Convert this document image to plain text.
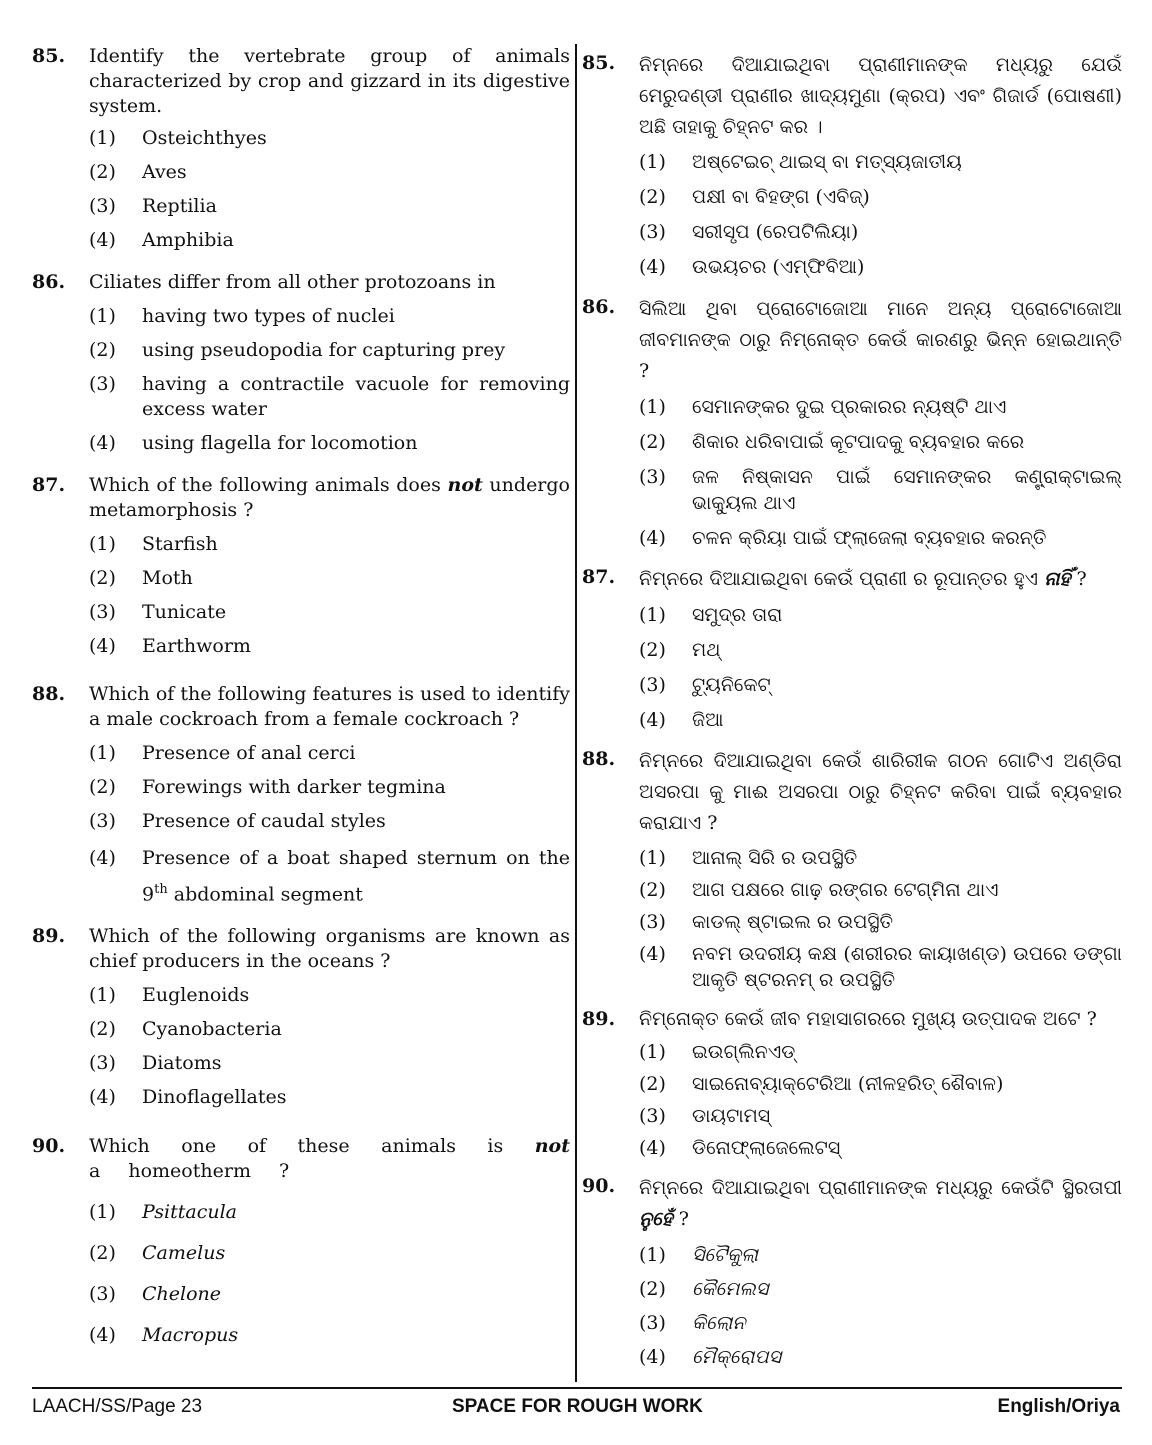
85.	Identify the vertebrate group of animals characterized by crop and gizzard in its digestive system.
(1)	Osteichthyes
(2)	Aves
(3)	Reptilia
(4)	Amphibia
86.	Ciliates differ from all other protozoans in
(1)	having two types of nuclei
(2)	using pseudopodia for capturing prey
(3)	having a contractile vacuole for removing excess water
(4)	using flagella for locomotion
87.	Which of the following animals does not undergo metamorphosis ?
(1)	Starfish
(2)	Moth
(3)	Tunicate
(4)	Earthworm
88.	Which of the following features is used to identify a male cockroach from a female cockroach ?
(1)	Presence of anal cerci
(2)	Forewings with darker tegmina
(3)	Presence of caudal styles
(4)	Presence of a boat shaped sternum on the 9th abdominal segment
89.	Which of the following organisms are known as chief producers in the oceans ?
(1)	Euglenoids
(2)	Cyanobacteria
(3)	Diatoms
(4)	Dinoflagellates
90.	Which one of these animals is not a homeotherm ?
(1)	Psittacula
(2)	Camelus
(3)	Chelone
(4)	Macropus
85.	ନିମ୍ନରେ ଦିଆଯାଇଥିବା ପ୍ରାଣୀମାନଙ୍କ ମଧ୍ୟରୁ ଯେଉଁ ମେରୁଦଣ୍ଡୀ ପ୍ରାଣୀର ଖାଦ୍ୟମୁଣା (କ୍ରପ) ଏବଂ ଗିଜାର୍ଡ (ପୋଷଣୀ) ଅଛି ତାହାକୁ ଚିହ୍ନଟ କର ।
(1)	ଅଷ୍ଟେଇଚ୍ ଥାଇସ୍ ବା ମତ୍ସ୍ୟଜାତୀୟ
(2)	ପକ୍ଷୀ ବା ବିହଙ୍ଗ (ଏବିଜ୍)
(3)	ସରୀସୃପ (ରେପଟିଲିୟା)
(4)	ଉଭୟଚର (ଏମ୍ଫିବିଆ)
86.	ସିଲିଆ ଥିବା ପ୍ରୋଟୋଜୋଆ ମାନେ ଅନ୍ୟ ପ୍ରୋଟୋଜୋଆ ଜୀବମାନଙ୍କ ଠାରୁ ନିମ୍ନୋକ୍ତ କେଉଁ କାରଣରୁ ଭିନ୍ନ ହୋଇଥାନ୍ତି ?
(1)	ସେମାନଙ୍କର ଦୁଇ ପ୍ରକାରର ନ୍ୟଷ୍ଟି ଥାଏ
(2)	ଶିକାର ଧରିବାପାଇଁ କୂଟପାଦକୁ ବ୍ୟବହାର କରେ
(3)	ଜଳ ନିଷ୍କାସନ ପାଇଁ ସେମାନଙ୍କର କଣ୍ଟ୍ରାକ୍ଟାଇଲ୍ ଭାକ୍ୟୁଲ ଥାଏ
(4)	ଚଳନ କ୍ରିୟା ପାଇଁ ଫ୍ଲାଜେଲା ବ୍ୟବହାର କରନ୍ତି
87.	ନିମ୍ନରେ ଦିଆଯାଇଥିବା କେଉଁ ପ୍ରାଣୀ ର ରୂପାନ୍ତର ହୁଏ ନାହିଁ ?
(1)	ସମୁଦ୍ର ତାରା
(2)	ମଥ୍
(3)	ଟ୍ୟୁନିକେଟ୍
(4)	ଜିଆ
88.	ନିମ୍ନରେ ଦିଆଯାଇଥିବା କେଉଁ ଶାରିରୀକ ଗଠନ ଗୋଟିଏ ଅଣ୍ଡିରା ଅସରପା କୁ ମାଈ ଅସରପା ଠାରୁ ଚିହ୍ନଟ କରିବା ପାଇଁ ବ୍ୟବହାର କରାଯାଏ ?
(1)	ଆନାଲ୍ ସିରି ର ଉପସ୍ଥିତି
(2)	ଆଗ ପକ୍ଷରେ ଗାଢ଼ ରଙ୍ଗର ଟେଗ୍‌ମିନା ଥାଏ
(3)	କାଡଲ୍ ଷ୍ଟାଇଲ ର ଉପସ୍ଥିତି
(4)	ନବମ ଉଦରୀୟ କକ୍ଷ (ଶରୀରର କାୟାଖଣ୍ଡ) ଉପରେ ଡଙ୍ଗା ଆକୃତି ଷ୍ଟରନମ୍ ର ଉପସ୍ଥିତି
89.	ନିମ୍ନୋକ୍ତ କେଉଁ ଜୀବ ମହାସାଗରରେ ମୁଖ୍ୟ ଉତ୍ପାଦକ ଅଟେ ?
(1)	ଇଉଗ୍ଲିନଏଡ୍
(2)	ସାଇନୋବ୍ୟାକ୍‌ଟେରିଆ (ନୀଳହରିତ୍ ଶୈବାଳ)
(3)	ଡାୟଟାମସ୍
(4)	ଡିନୋଫ୍ଲାଜେଲେଟସ୍
90.	ନିମ୍ନରେ ଦିଆଯାଇଥିବା ପ୍ରାଣୀମାନଙ୍କ ମଧ୍ୟରୁ କେଉଁଟି ସ୍ଥିରତାପୀ ନୁହେଁ ?
(1)	ସିଟୈକୁଲା
(2)	କୈମେଲସ
(3)	କିଲୋନ
(4)	ମୈକ୍ରୋପସ
LAACH/SS/Page 23	SPACE FOR ROUGH WORK	English/Oriya
